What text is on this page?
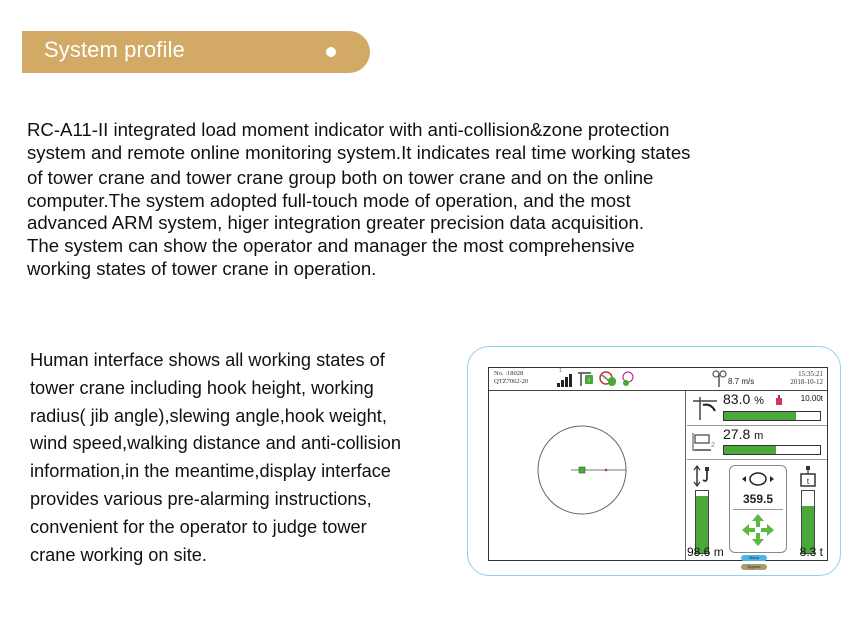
System profile
RC-A11-II integrated load moment indicator with anti-collision&zone protection
system and remote online monitoring system.It indicates real time working states
of tower crane and tower crane group both on tower crane and on the online
computer.The system adopted full-touch mode of operation, and the most
advanced ARM system, higer integration greater precision data acquisition.
The system can show the operator and manager the most comprehensive
working states of tower crane in operation.
Human interface shows all working states of
tower crane including hook height, working
radius( jib angle),slewing angle,hook weight,
wind speed,walking distance and anti-collision
information,in the meantime,display interface
provides various pre-alarming instructions,
convenient for the operator to judge tower
crane working on site.
No. :18028
QTZ7062-20
1
i	8.7 m/s
15:35:21
2018-10-12
83.0 %	10.00t
2
27.8 m
98.6 m
359.5
Menu
Bypass
t
8.3 t
